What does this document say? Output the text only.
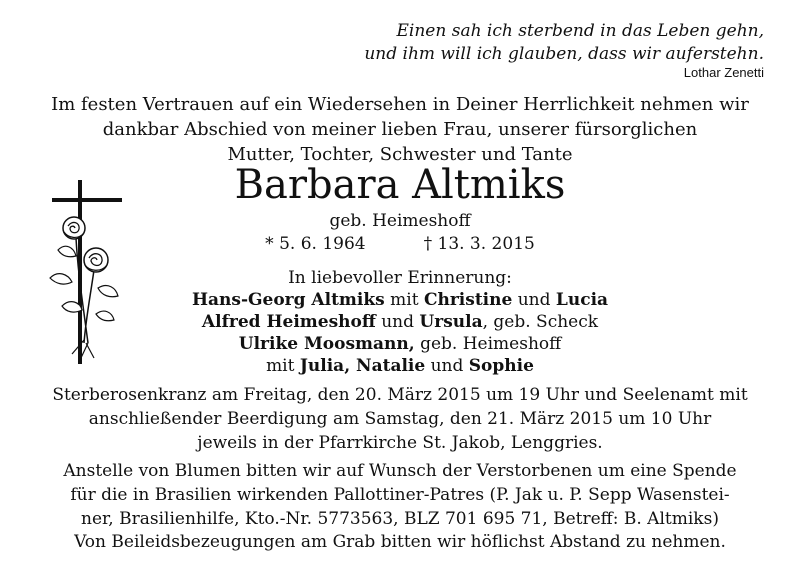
Einen sah ich sterbend in das Leben gehn,
und ihm will ich glauben, dass wir auferstehn.
Lothar Zenetti
Im festen Vertrauen auf ein Wiedersehen in Deiner Herrlichkeit nehmen wir
dankbar Abschied von meiner lieben Frau, unserer fürsorglichen
Mutter, Tochter, Schwester und Tante
Barbara Altmiks
geb. Heimeshoff
* 5. 6. 1964	† 13. 3. 2015
In liebevoller Erinnerung:
Hans-Georg Altmiks mit Christine und Lucia
Alfred Heimeshoff und Ursula, geb. Scheck
Ulrike Moosmann, geb. Heimeshoff
mit Julia, Natalie und Sophie
Sterberosenkranz am Freitag, den 20. März 2015 um 19 Uhr und Seelenamt mit
anschließender Beerdigung am Samstag, den 21. März 2015 um 10 Uhr
jeweils in der Pfarrkirche St. Jakob, Lenggries.
Anstelle von Blumen bitten wir auf Wunsch der Verstorbenen um eine Spende
für die in Brasilien wirkenden Pallottiner-Patres (P. Jak u. P. Sepp Wasenstei-
ner, Brasilienhilfe, Kto.-Nr. 5773563, BLZ 701 695 71, Betreff: B. Altmiks)
Von Beileidsbezeugungen am Grab bitten wir höflichst Abstand zu nehmen.
